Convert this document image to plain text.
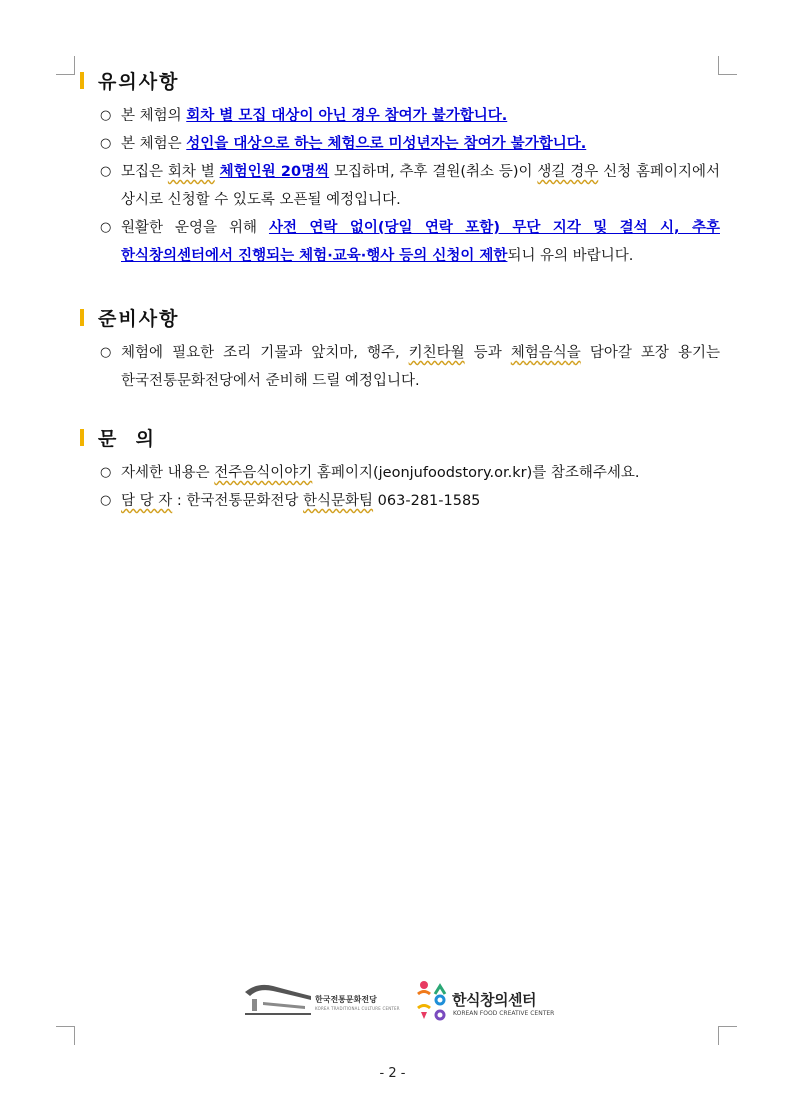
유의사항
○ 본 체험의 회차 별 모집 대상이 아닌 경우 참여가 불가합니다.
○ 본 체험은 성인을 대상으로 하는 체험으로 미성년자는 참여가 불가합니다.
○ 모집은 회차 별 체험인원 20명씩 모집하며, 추후 결원(취소 등)이 생길 경우 신청 홈페이지에서 상시로 신청할 수 있도록 오픈될 예정입니다.
○ 원활한 운영을 위해 사전 연락 없이(당일 연락 포함) 무단 지각 및 결석 시, 추후 한식창의센터에서 진행되는 체험·교육·행사 등의 신청이 제한되니 유의 바랍니다.
준비사항
○ 체험에 필요한 조리 기물과 앞치마, 행주, 키친타월 등과 체험음식을 담아갈 포장 용기는 한국전통문화전당에서 준비해 드릴 예정입니다.
문  의
○ 자세한 내용은 전주음식이야기 홈페이지(jeonjufoodstory.or.kr)를 참조해주세요.
○ 담 당 자 : 한국전통문화전당 한식문화팀 063-281-1585
한국전통문화전당
KOREA TRADITIONAL CULTURE CENTER	한식창의센터
KOREAN FOOD CREATIVE CENTER
- 2 -
